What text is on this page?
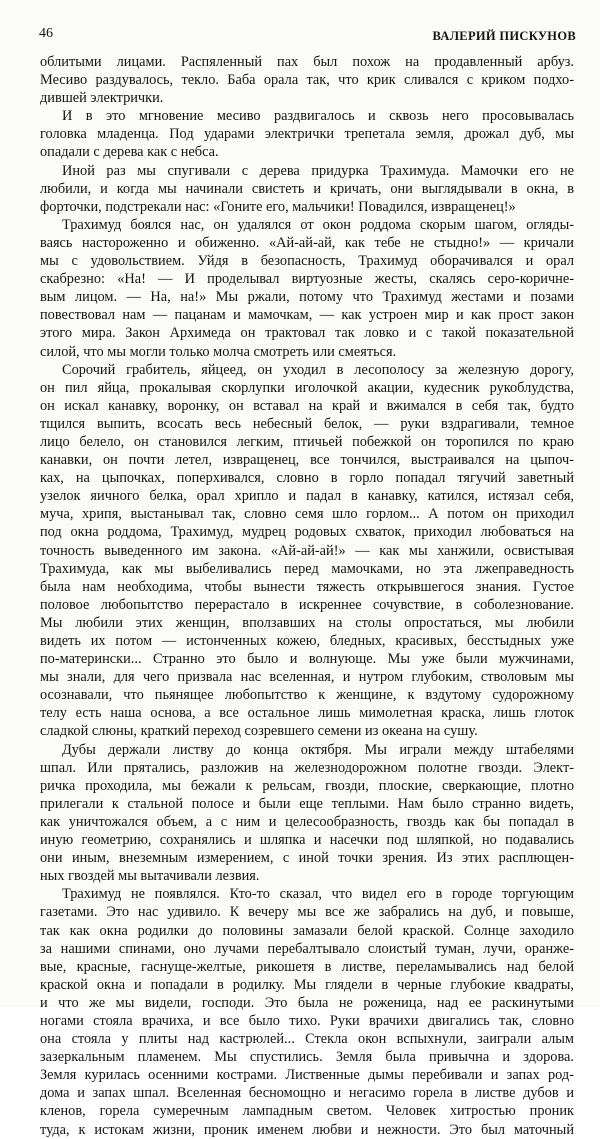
46	ВАЛЕРИЙ ПИСКУНОВ
облитыми лицами. Распяленный пах был похож на продавленный арбуз.
Месиво раздувалось, текло. Баба орала так, что крик сливался с криком подхо-
дившей электрички.
И в это мгновение месиво раздвигалось и сквозь него просовывалась
головка младенца. Под ударами электрички трепетала земля, дрожал дуб, мы
опадали с дерева как с небса.
Иной раз мы спугивали с дерева придурка Трахимуда. Мамочки его не
любили, и когда мы начинали свистеть и кричать, они выглядывали в окна, в
форточки, подстрекали нас: «Гоните его, мальчики! Повадился, извращенец!»
Трахимуд боялся нас, он удалялся от окон роддома скорым шагом, огляды-
ваясь настороженно и обиженно. «Ай-ай-ай, как тебе не стыдно!» — кричали
мы с удовольствием. Уйдя в безопасность, Трахимуд оборачивался и орал
скабрезно: «На! — И проделывал виртуозные жесты, скалясь серо-коричне-
вым лицом. — На, на!» Мы ржали, потому что Трахимуд жестами и позами
повествовал нам — пацанам и мамочкам, — как устроен мир и как прост закон
этого мира. Закон Архимеда он трактовал так ловко и с такой показательной
силой, что мы могли только молча смотреть или смеяться.
Сорочий грабитель, яйцеед, он уходил в лесополосу за железную дорогу,
он пил яйца, прокалывая скорлупки иголочкой акации, кудесник рукоблудства,
он искал канавку, воронку, он вставал на край и вжимался в себя так, будто
тщился выпить, всосать весь небесный белок, — руки вздрагивали, темное
лицо белело, он становился легким, птичьей побежкой он торопился по краю
канавки, он почти летел, извращенец, все тончился, выстраивался на цыпоч-
ках, на цыпочках, поперхивался, словно в горло попадал тягучий заветный
узелок яичного белка, орал хрипло и падал в канавку, катился, истязал себя,
муча, хрипя, выстанывал так, словно семя шло горлом... А потом он приходил
под окна роддома, Трахимуд, мудрец родовых схваток, приходил любоваться на
точность выведенного им закона. «Ай-ай-ай!» — как мы ханжили, освистывая
Трахимуда, как мы выбеливались перед мамочками, но эта лжеправедность
была нам необходима, чтобы вынести тяжесть открывшегося знания. Густое
половое любопытство перерастало в искреннее сочувствие, в соболезнование.
Мы любили этих женщин, вползавших на столы опростаться, мы любили
видеть их потом — истонченных кожею, бледных, красивых, бесстыдных уже
по-матерински... Странно это было и волнующе. Мы уже были мужчинами,
мы знали, для чего призвала нас вселенная, и нутром глубоким, стволовым мы
осознавали, что пьянящее любопытство к женщине, к вздутому судорожному
телу есть наша основа, а все остальное лишь мимолетная краска, лишь глоток
сладкой слюны, краткий переход созревшего семени из океана на сушу.
Дубы держали листву до конца октября. Мы играли между штабелями
шпал. Или прятались, разложив на железнодорожном полотне гвозди. Элект-
ричка проходила, мы бежали к рельсам, гвозди, плоские, сверкающие, плотно
прилегали к стальной полосе и были еще теплыми. Нам было странно видеть,
как уничтожался объем, а с ним и целесообразность, гвоздь как бы попадал в
иную геометрию, сохранялись и шляпка и насечки под шляпкой, но подавались
они иным, внеземным измерением, с иной точки зрения. Из этих расплющен-
ных гвоздей мы вытачивали лезвия.
Трахимуд не появлялся. Кто-то сказал, что видел его в городе торгующим
газетами. Это нас удивило. К вечеру мы все же забрались на дуб, и повыше,
так как окна родилки до половины замазали белой краской. Солнце заходило
за нашими спинами, оно лучами перебалтывало слоистый туман, лучи, оранже-
вые, красные, гаснуще-желтые, рикошетя в листве, переламывались над белой
краской окна и попадали в родилку. Мы глядели в черные глубокие квадраты,
и что же мы видели, господи. Это была не роженица, над ее раскинутыми
ногами стояла врачиха, и все было тихо. Руки врачихи двигались так, словно
она стояла у плиты над кастрюлей... Стекла окон вспыхнули, заиграли алым
зазеркальным пламенем. Мы спустились. Земля была привычна и здорова.
Земля курилась осенними кострами. Лиственные дымы перебивали и запах род-
дома и запах шпал. Вселенная бесномощно и негасимо горела в листве дубов и
кленов, горела сумеречным лампадным светом. Человек хитростью проник
туда, к истокам жизни, проник именем любви и нежности. Это был маточный
